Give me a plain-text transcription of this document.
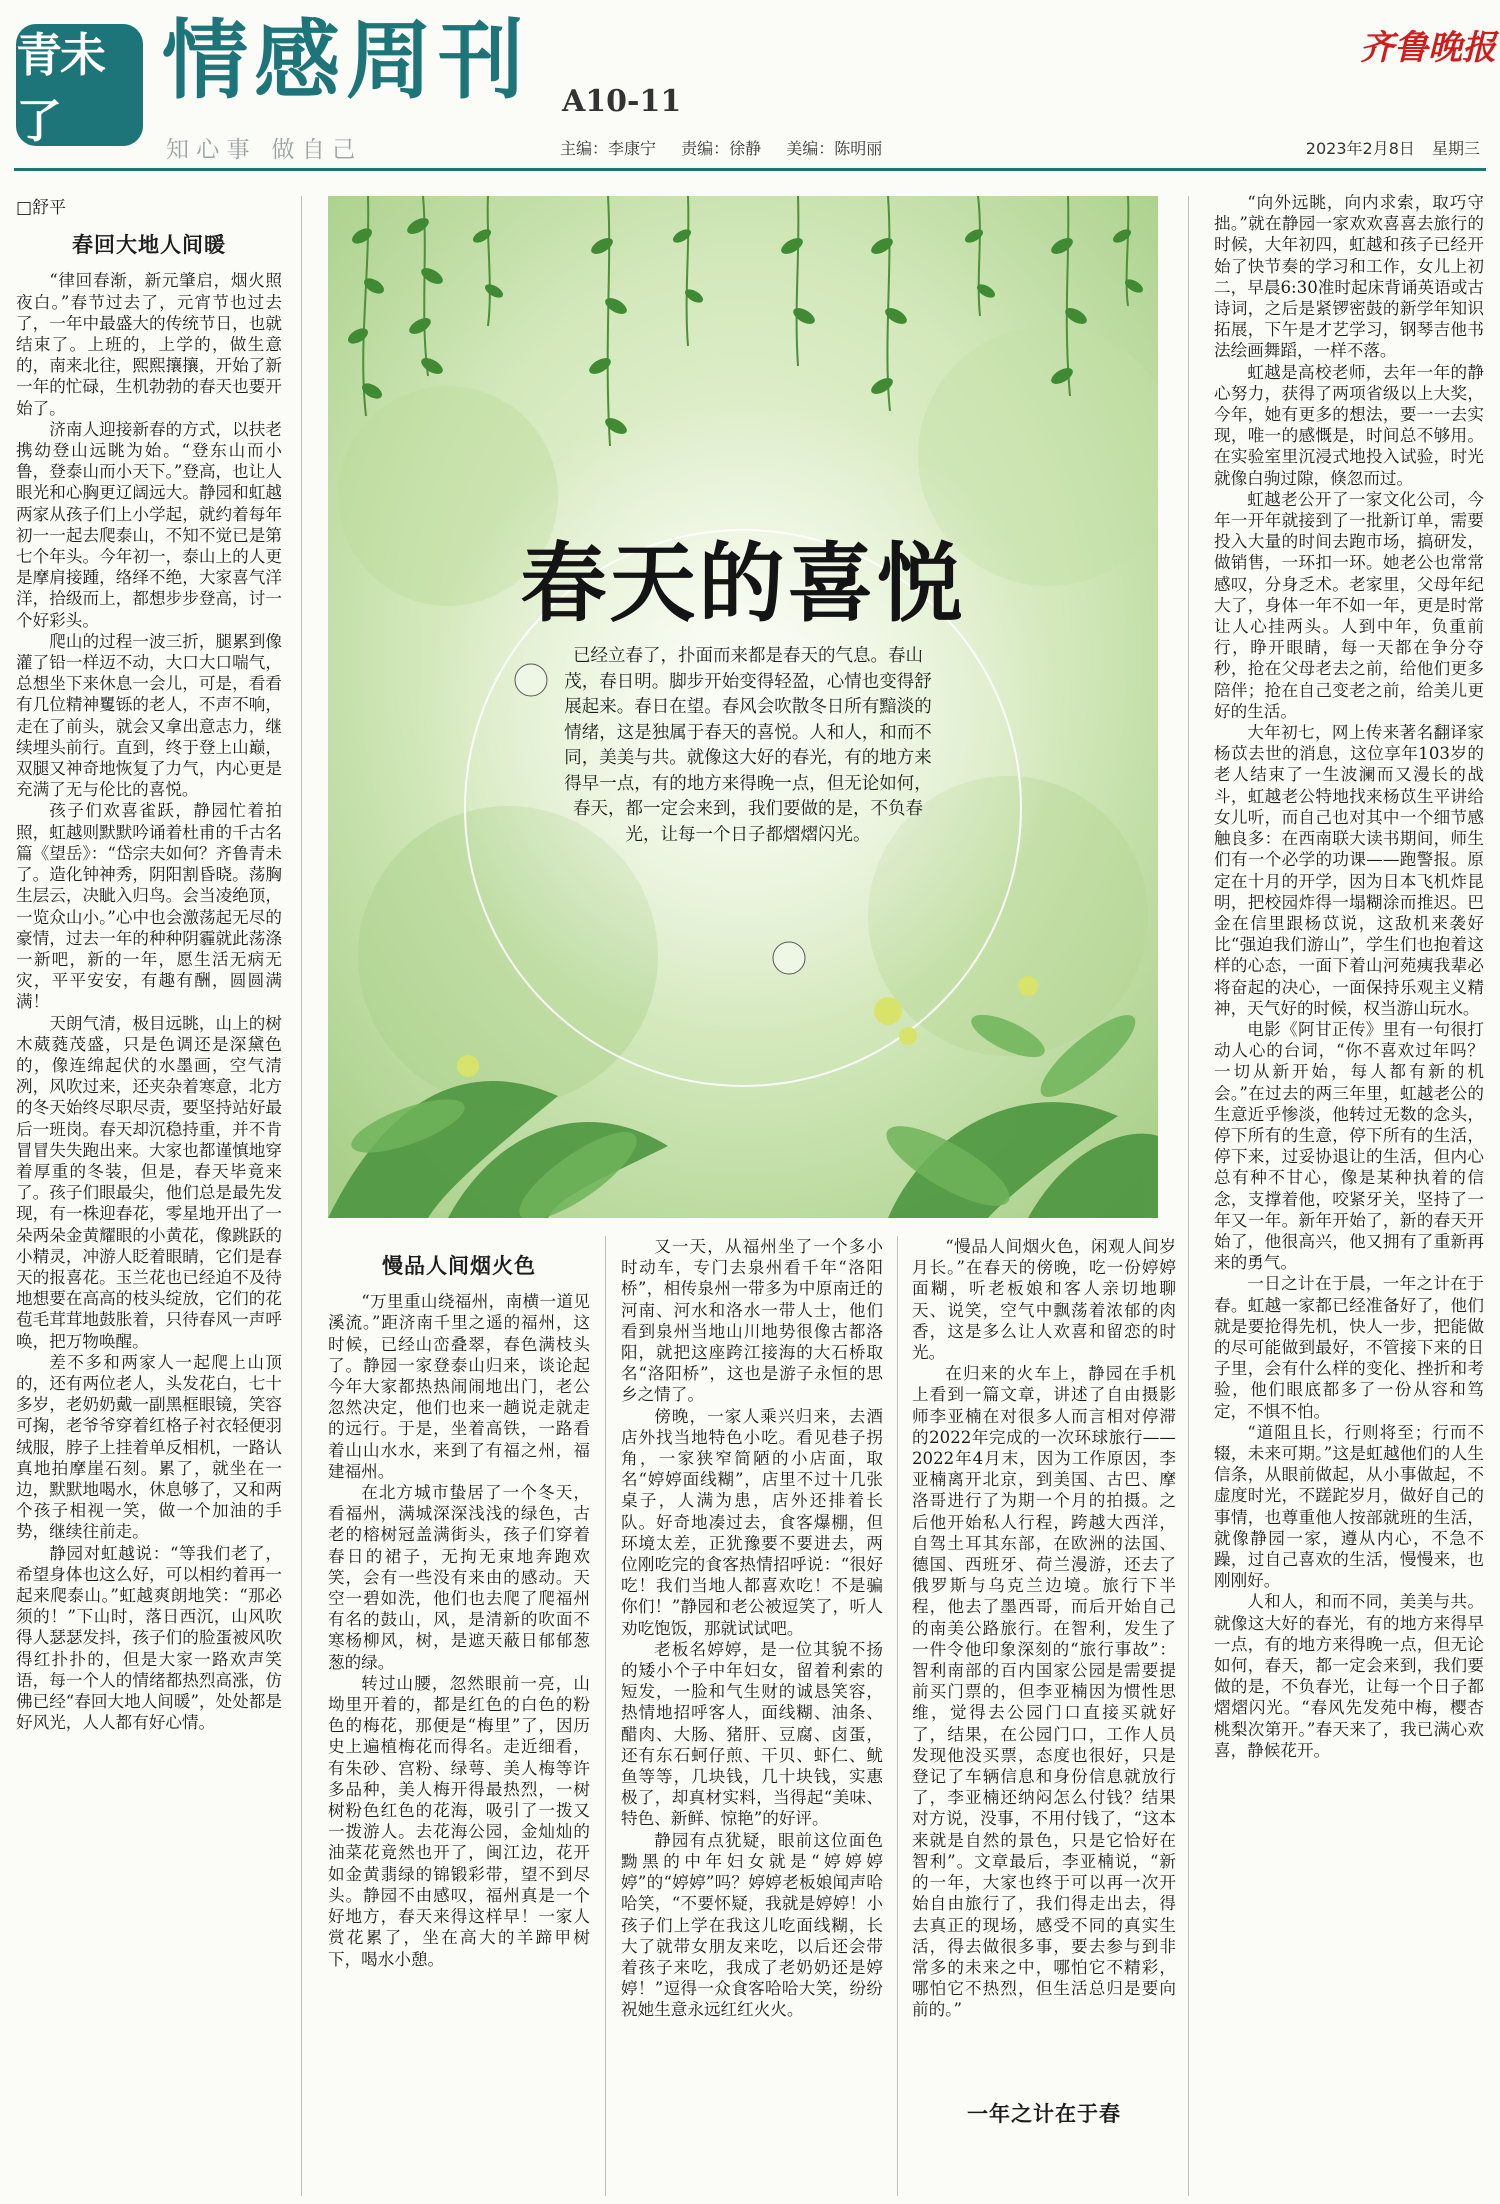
青未了
情感周刊 A10-11
知 心 事   做 自 己	主编：李康宁 责编：徐静 美编：陈明丽
齐鲁晚报
2023年2月8日 星期三

□舒平

春回大地人间暖

“律回春渐，新元肇启，烟火照夜白。”春节过去了，元宵节也过去了，一年中最盛大的传统节日，也就结束了。上班的，上学的，做生意的，南来北往，熙熙攘攘，开始了新一年的忙碌，生机勃勃的春天也要开始了。

济南人迎接新春的方式，以扶老携幼登山远眺为始。“登东山而小鲁，登泰山而小天下。”登高，也让人眼光和心胸更辽阔远大。静园和虹越两家从孩子们上小学起，就约着每年初一一起去爬泰山，不知不觉已是第七个年头。今年初一，泰山上的人更是摩肩接踵，络绎不绝，大家喜气洋洋，拾级而上，都想步步登高，讨一个好彩头。

爬山的过程一波三折，腿累到像灌了铅一样迈不动，大口大口喘气，总想坐下来休息一会儿，可是，看看有几位精神矍铄的老人，不声不响，走在了前头，就会又拿出意志力，继续埋头前行。直到，终于登上山巅，双腿又神奇地恢复了力气，内心更是充满了无与伦比的喜悦。

孩子们欢喜雀跃，静园忙着拍照，虹越则默默吟诵着杜甫的千古名篇《望岳》：“岱宗夫如何？齐鲁青未了。造化钟神秀，阴阳割昏晓。荡胸生层云，决眦入归鸟。会当凌绝顶，一览众山小。”心中也会激荡起无尽的豪情，过去一年的种种阴霾就此荡涤一新吧，新的一年，愿生活无病无灾，平平安安，有趣有酬，圆圆满满！

天朗气清，极目远眺，山上的树木葳蕤茂盛，只是色调还是深黛色的，像连绵起伏的水墨画，空气清冽，风吹过来，还夹杂着寒意，北方的冬天始终尽职尽责，要坚持站好最后一班岗。春天却沉稳持重，并不肯冒冒失失跑出来。大家也都谨慎地穿着厚重的冬装，但是，春天毕竟来了。孩子们眼最尖，他们总是最先发现，有一株迎春花，零星地开出了一朵两朵金黄耀眼的小黄花，像跳跃的小精灵，冲游人眨着眼睛，它们是春天的报喜花。玉兰花也已经迫不及待地想要在高高的枝头绽放，它们的花苞毛茸茸地鼓胀着，只待春风一声呼唤，把万物唤醒。

差不多和两家人一起爬上山顶的，还有两位老人，头发花白，七十多岁，老奶奶戴一副黑框眼镜，笑容可掬，老爷爷穿着红格子衬衣轻便羽绒服，脖子上挂着单反相机，一路认真地拍摩崖石刻。累了，就坐在一边，默默地喝水，休息够了，又和两个孩子相视一笑，做一个加油的手势，继续往前走。

静园对虹越说：“等我们老了，希望身体也这么好，可以相约着再一起来爬泰山。”虹越爽朗地笑：“那必须的！”下山时，落日西沉，山风吹得人瑟瑟发抖，孩子们的脸蛋被风吹得红扑扑的，但是大家一路欢声笑语，每一个人的情绪都热烈高涨，仿佛已经“春回大地人间暖”，处处都是好风光，人人都有好心情。

春天的喜悦
已经立春了，扑面而来都是春天的气息。春山茂，春日明。脚步开始变得轻盈，心情也变得舒展起来。春日在望。春风会吹散冬日所有黯淡的情绪，这是独属于春天的喜悦。人和人，和而不同，美美与共。就像这大好的春光，有的地方来得早一点，有的地方来得晚一点，但无论如何，春天，都一定会来到，我们要做的是，不负春光，让每一个日子都熠熠闪光。
慢品人间烟火色

“万里重山绕福州，南横一道见溪流。”距济南千里之遥的福州，这时候，已经山峦叠翠，春色满枝头了。静园一家登泰山归来，谈论起今年大家都热热闹闹地出门，老公忽然决定，他们也来一趟说走就走的远行。于是，坐着高铁，一路看着山山水水，来到了有福之州，福建福州。

在北方城市蛰居了一个冬天，看福州，满城深深浅浅的绿色，古老的榕树冠盖满街头，孩子们穿着春日的裙子，无拘无束地奔跑欢笑，会有一些没有来由的感动。天空一碧如洗，他们也去爬了爬福州有名的鼓山，风，是清新的吹面不寒杨柳风，树，是遮天蔽日郁郁葱葱的绿。

转过山腰，忽然眼前一亮，山坳里开着的，都是红色的白色的粉色的梅花，那便是“梅里”了，因历史上遍植梅花而得名。走近细看，有朱砂、宫粉、绿萼、美人梅等许多品种，美人梅开得最热烈，一树树粉色红色的花海，吸引了一拨又一拨游人。去花海公园，金灿灿的油菜花竟然也开了，闽江边，花开如金黄翡绿的锦锻彩带，望不到尽头。静园不由感叹，福州真是一个好地方，春天来得这样早！一家人赏花累了，坐在高大的羊蹄甲树下，喝水小憩。

又一天，从福州坐了一个多小时动车，专门去泉州看千年“洛阳桥”，相传泉州一带多为中原南迁的河南、河水和洛水一带人士，他们看到泉州当地山川地势很像古都洛阳，就把这座跨江接海的大石桥取名“洛阳桥”，这也是游子永恒的思乡之情了。

傍晚，一家人乘兴归来，去酒店外找当地特色小吃。看见巷子拐角，一家狭窄简陋的小店面，取名“婷婷面线糊”，店里不过十几张桌子，人满为患，店外还排着长队。好奇地凑过去，食客爆棚，但环境太差，正犹豫要不要进去，两位刚吃完的食客热情招呼说：“很好吃！我们当地人都喜欢吃！不是骗你们！”静园和老公被逗笑了，听人劝吃饱饭，那就试试吧。

老板名婷婷，是一位其貌不扬的矮小个子中年妇女，留着利索的短发，一脸和气生财的诚恳笑容，热情地招呼客人，面线糊、油条、醋肉、大肠、猪肝、豆腐、卤蛋，还有东石蚵仔煎、干贝、虾仁、鱿鱼等等，几块钱，几十块钱，实惠极了，却真材实料，当得起“美味、特色、新鲜、惊艳”的好评。

静园有点犹疑，眼前这位面色黝黑的中年妇女就是“婷婷婷婷”的“婷婷”吗？婷婷老板娘闻声哈哈笑，“不要怀疑，我就是婷婷！小孩子们上学在我这儿吃面线糊，长大了就带女朋友来吃，以后还会带着孩子来吃，我成了老奶奶还是婷婷！”逗得一众食客哈哈大笑，纷纷祝她生意永远红红火火。

“慢品人间烟火色，闲观人间岁月长。”在春天的傍晚，吃一份婷婷面糊，听老板娘和客人亲切地聊天、说笑，空气中飘荡着浓郁的肉香，这是多么让人欢喜和留恋的时光。

在归来的火车上，静园在手机上看到一篇文章，讲述了自由摄影师李亚楠在对很多人而言相对停滞的2022年完成的一次环球旅行——2022年4月末，因为工作原因，李亚楠离开北京，到美国、古巴、摩洛哥进行了为期一个月的拍摄。之后他开始私人行程，跨越大西洋，自驾土耳其东部，在欧洲的法国、德国、西班牙、荷兰漫游，还去了俄罗斯与乌克兰边境。旅行下半程，他去了墨西哥，而后开始自己的南美公路旅行。在智利，发生了一件令他印象深刻的“旅行事故”：智利南部的百内国家公园是需要提前买门票的，但李亚楠因为惯性思维，觉得去公园门口直接买就好了，结果，在公园门口，工作人员发现他没买票，态度也很好，只是登记了车辆信息和身份信息就放行了，李亚楠还纳闷怎么付钱？结果对方说，没事，不用付钱了，“这本来就是自然的景色，只是它恰好在智利”。文章最后，李亚楠说，“新的一年，大家也终于可以再一次开始自由旅行了，我们得走出去，得去真正的现场，感受不同的真实生活，得去做很多事，要去参与到非常多的未来之中，哪怕它不精彩，哪怕它不热烈，但生活总归是要向前的。”

一年之计在于春

“向外远眺，向内求索，取巧守拙。”就在静园一家欢欢喜喜去旅行的时候，大年初四，虹越和孩子已经开始了快节奏的学习和工作，女儿上初二，早晨6:30准时起床背诵英语或古诗词，之后是紧锣密鼓的新学年知识拓展，下午是才艺学习，钢琴吉他书法绘画舞蹈，一样不落。

虹越是高校老师，去年一年的静心努力，获得了两项省级以上大奖，今年，她有更多的想法，要一一去实现，唯一的感慨是，时间总不够用。在实验室里沉浸式地投入试验，时光就像白驹过隙，倏忽而过。

虹越老公开了一家文化公司，今年一开年就接到了一批新订单，需要投入大量的时间去跑市场，搞研发，做销售，一环扣一环。她老公也常常感叹，分身乏术。老家里，父母年纪大了，身体一年不如一年，更是时常让人心挂两头。人到中年，负重前行，睁开眼睛，每一天都在争分夺秒，抢在父母老去之前，给他们更多陪伴；抢在自己变老之前，给美儿更好的生活。

大年初七，网上传来著名翻译家杨苡去世的消息，这位享年103岁的老人结束了一生波澜而又漫长的战斗，虹越老公特地找来杨苡生平讲给女儿听，而自己也对其中一个细节感触良多：在西南联大读书期间，师生们有一个必学的功课——跑警报。原定在十月的开学，因为日本飞机炸昆明，把校园炸得一塌糊涂而推迟。巴金在信里跟杨苡说，这敌机来袭好比“强迫我们游山”，学生们也抱着这样的心态，一面下着山河苑痍我辈必将奋起的决心，一面保持乐观主义精神，天气好的时候，权当游山玩水。

电影《阿甘正传》里有一句很打动人心的台词，“你不喜欢过年吗？一切从新开始，每人都有新的机会。”在过去的两三年里，虹越老公的生意近乎惨淡，他转过无数的念头，停下所有的生意，停下所有的生活，停下来，过妥协退让的生活，但内心总有种不甘心，像是某种执着的信念，支撑着他，咬紧牙关，坚持了一年又一年。新年开始了，新的春天开始了，他很高兴，他又拥有了重新再来的勇气。

一日之计在于晨，一年之计在于春。虹越一家都已经准备好了，他们就是要抢得先机，快人一步，把能做的尽可能做到最好，不管接下来的日子里，会有什么样的变化、挫折和考验，他们眼底都多了一份从容和笃定，不惧不怕。

“道阻且长，行则将至；行而不辍，未来可期。”这是虹越他们的人生信条，从眼前做起，从小事做起，不虚度时光，不蹉跎岁月，做好自己的事情，也尊重他人按部就班的生活，就像静园一家，遵从内心，不急不躁，过自己喜欢的生活，慢慢来，也刚刚好。

人和人，和而不同，美美与共。就像这大好的春光，有的地方来得早一点，有的地方来得晚一点，但无论如何，春天，都一定会来到，我们要做的是，不负春光，让每一个日子都熠熠闪光。“春风先发苑中梅，樱杏桃梨次第开。”春天来了，我已满心欢喜，静候花开。
